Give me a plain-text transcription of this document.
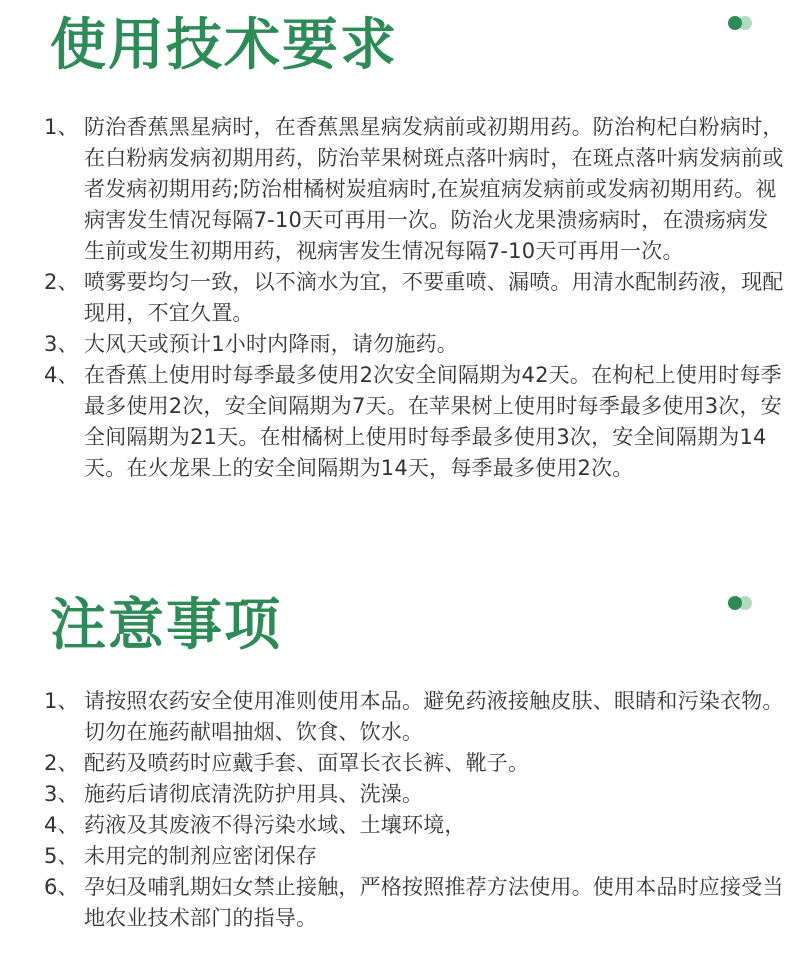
使用技术要求
1、 防治香蕉黑星病时，在香蕉黑星病发病前或初期用药。防治枸杞白粉病时，在白粉病发病初期用药，防治苹果树斑点落叶病时，在斑点落叶病发病前或者发病初期用药;防治柑橘树炭疽病时,在炭疽病发病前或发病初期用药。视病害发生情况每隔7-10天可再用一次。防治火龙果溃疡病时，在溃疡病发生前或发生初期用药，视病害发生情况每隔7-10天可再用一次。
2、 喷雾要均匀一致，以不滴水为宜，不要重喷、漏喷。用清水配制药液，现配现用，不宜久置。
3、 大风天或预计1小时内降雨，请勿施药。
4、 在香蕉上使用时每季最多使用2次安全间隔期为42天。在枸杞上使用时每季最多使用2次，安全间隔期为7天。在苹果树上使用时每季最多使用3次，安全间隔期为21天。在柑橘树上使用时每季最多使用3次，安全间隔期为14天。在火龙果上的安全间隔期为14天，每季最多使用2次。
注意事项
1、 请按照农药安全使用准则使用本品。避免药液接触皮肤、眼睛和污染衣物。切勿在施药献唱抽烟、饮食、饮水。
2、 配药及喷药时应戴手套、面罩长衣长裤、靴子。
3、 施药后请彻底清洗防护用具、洗澡。
4、 药液及其废液不得污染水域、土壤环境，
5、 未用完的制剂应密闭保存
6、 孕妇及哺乳期妇女禁止接触，严格按照推荐方法使用。使用本品时应接受当地农业技术部门的指导。
